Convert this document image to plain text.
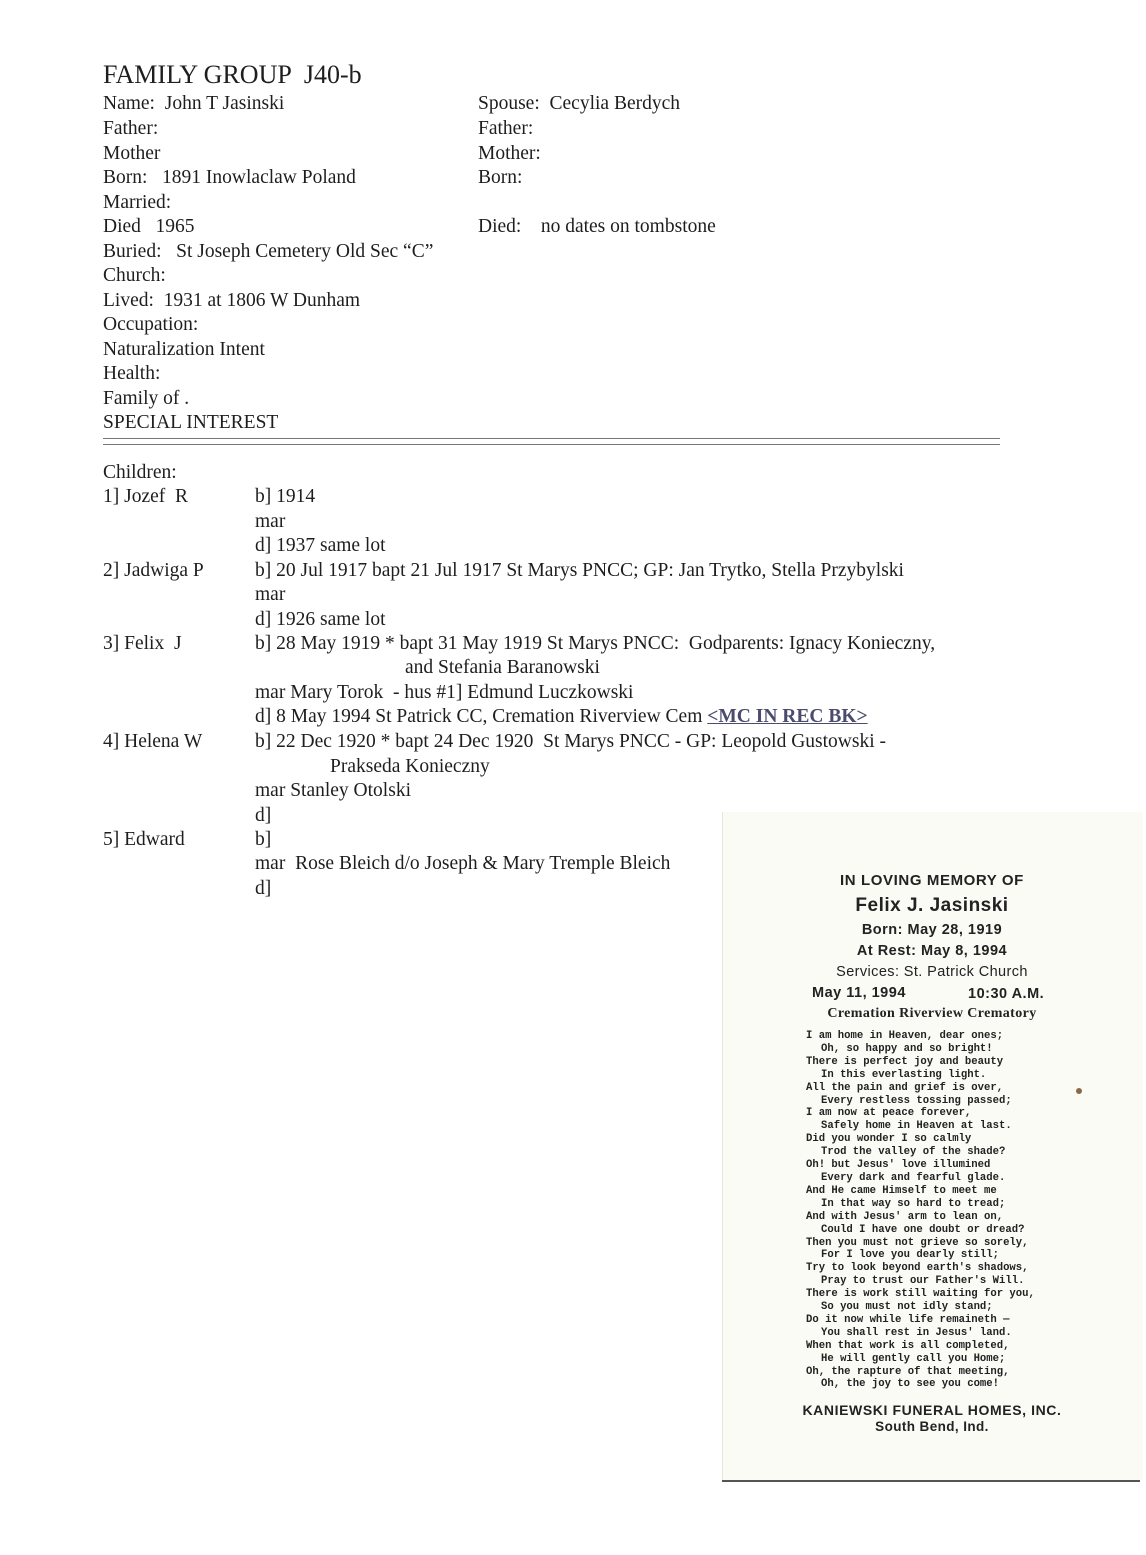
FAMILY GROUP  J40-b
Name:  John T Jasinski
Father:
Mother
Born:   1891 Inowlaclaw Poland
Married:
Died   1965
Buried:   St Joseph Cemetery Old Sec “C”
Church:
Lived:  1931 at 1806 W Dunham
Occupation:
Naturalization Intent
Health:
Family of .
SPECIAL INTEREST
Spouse:  Cecylia Berdych
Father:
Mother:
Born:
Died:    no dates on tombstone
Children:
1] Jozef  R	b] 1914
mar
d] 1937 same lot
2] Jadwiga P	b] 20 Jul 1917 bapt 21 Jul 1917 St Marys PNCC; GP: Jan Trytko, Stella Przybylski
mar
d] 1926 same lot
3] Felix  J	b] 28 May 1919 * bapt 31 May 1919 St Marys PNCC:  Godparents: Ignacy Konieczny,
and Stefania Baranowski
mar Mary Torok  - hus #1] Edmund Luczkowski
d] 8 May 1994 St Patrick CC, Cremation Riverview Cem <MC IN REC BK>
4] Helena W	b] 22 Dec 1920 * bapt 24 Dec 1920  St Marys PNCC - GP: Leopold Gustowski -
Prakseda Konieczny
mar Stanley Otolski
d]
5] Edward	b]
mar  Rose Bleich d/o Joseph & Mary Tremple Bleich
d]	IN LOVING MEMORY OF
Felix J. Jasinski
Born: May 28, 1919
At Rest: May 8, 1994
Services: St. Patrick Church
May 11, 1994	10:30 A.M.
Cremation Riverview Crematory
I am home in Heaven, dear ones;
Oh, so happy and so bright!
There is perfect joy and beauty
In this everlasting light.
All the pain and grief is over,
Every restless tossing passed;
I am now at peace forever,
Safely home in Heaven at last.
Did you wonder I so calmly
Trod the valley of the shade?
Oh! but Jesus' love illumined
Every dark and fearful glade.
And He came Himself to meet me
In that way so hard to tread;
And with Jesus' arm to lean on,
Could I have one doubt or dread?
Then you must not grieve so sorely,
For I love you dearly still;
Try to look beyond earth's shadows,
Pray to trust our Father's Will.
There is work still waiting for you,
So you must not idly stand;
Do it now while life remaineth —
You shall rest in Jesus' land.
When that work is all completed,
He will gently call you Home;
Oh, the rapture of that meeting,
Oh, the joy to see you come!
KANIEWSKI FUNERAL HOMES, INC.
South Bend, Ind.
